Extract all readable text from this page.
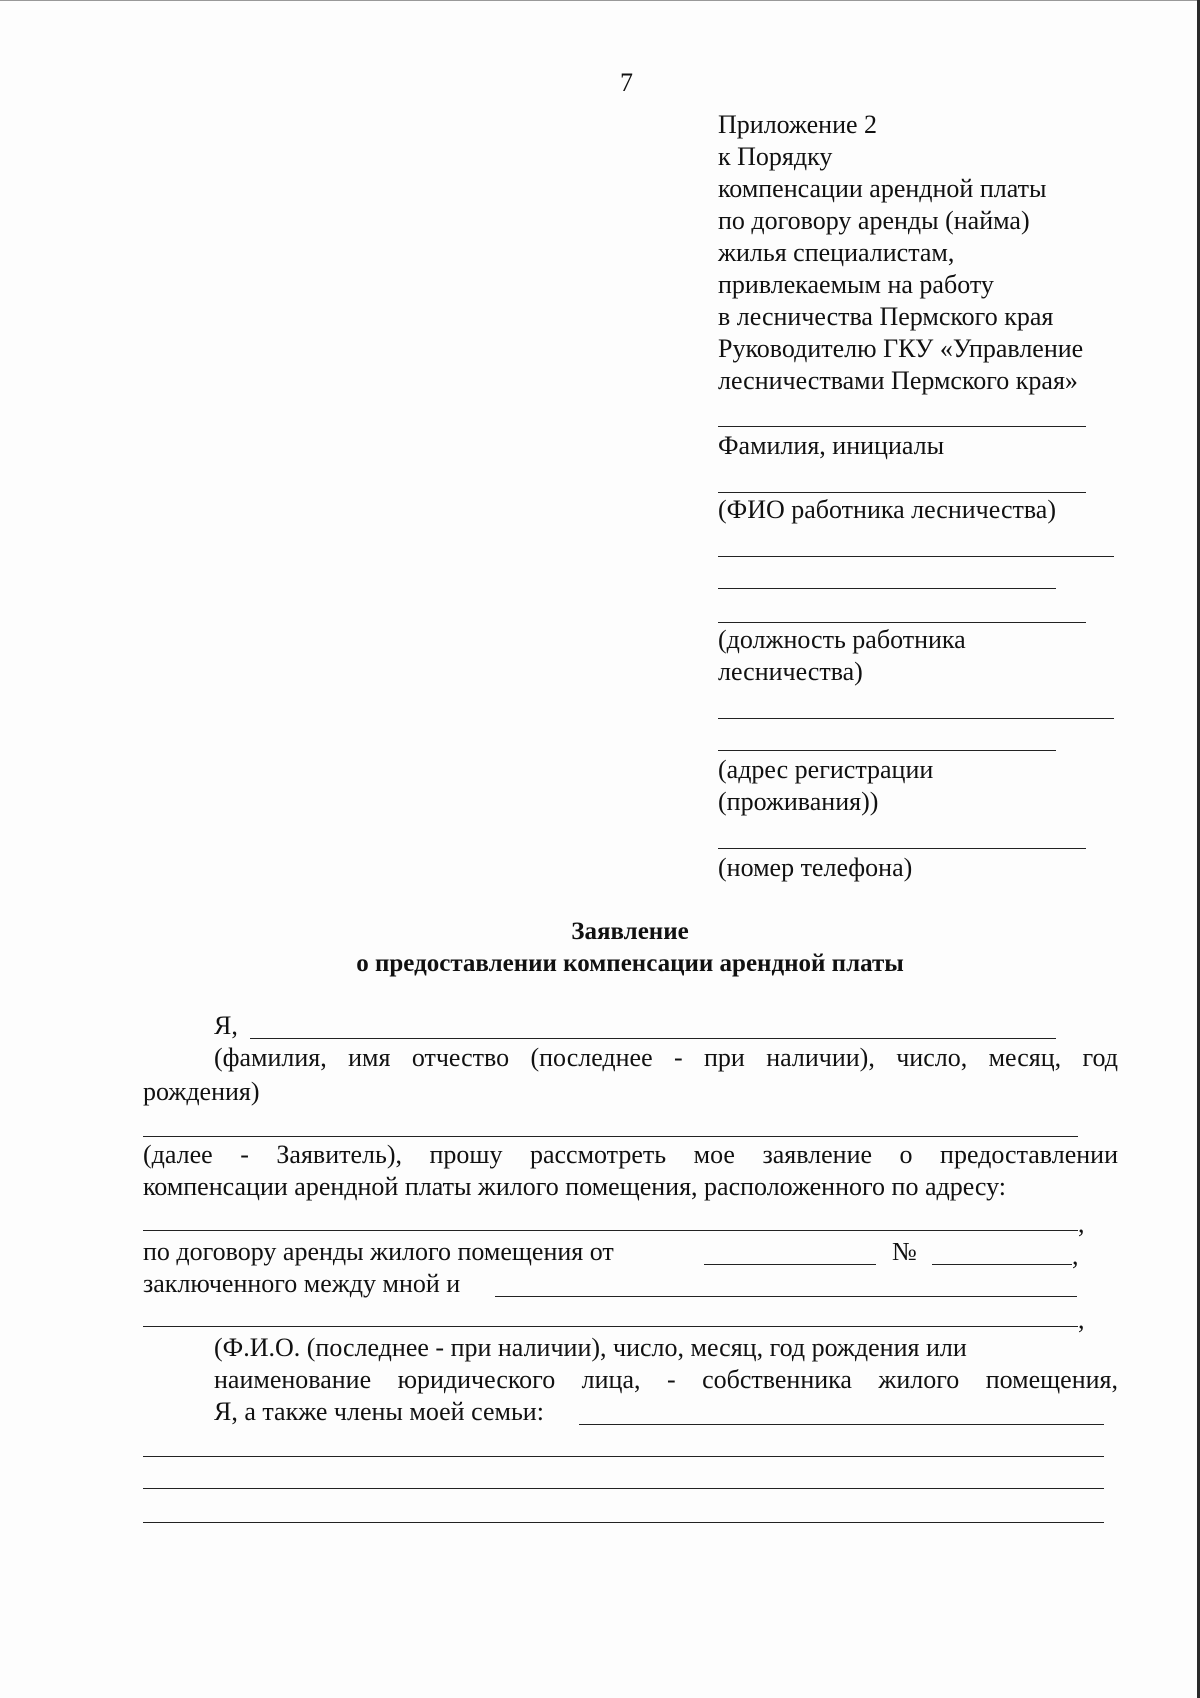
7
Приложение 2
к Порядку
компенсации арендной платы
по договору аренды (найма)
жилья специалистам,
привлекаемым на работу
в лесничества Пермского края
Руководителю ГКУ «Управление
лесничествами Пермского края»
Фамилия, инициалы
(ФИО работника лесничества)
(должность работника
лесничества)
(адрес регистрации
(проживания))
(номер телефона)
Заявление
о предоставлении компенсации арендной платы
Я,
(фамилия, имя отчество (последнее - при наличии), число, месяц, год
рождения)
(далее - Заявитель), прошу рассмотреть мое заявление о предоставлении
компенсации арендной платы жилого помещения, расположенного по адресу:
,
по договору аренды жилого помещения от	№	,
заключенного между мной и
,
(Ф.И.О. (последнее - при наличии), число, месяц, год рождения или
наименование юридического лица, - собственника жилого помещения,
Я, а также члены моей семьи:
